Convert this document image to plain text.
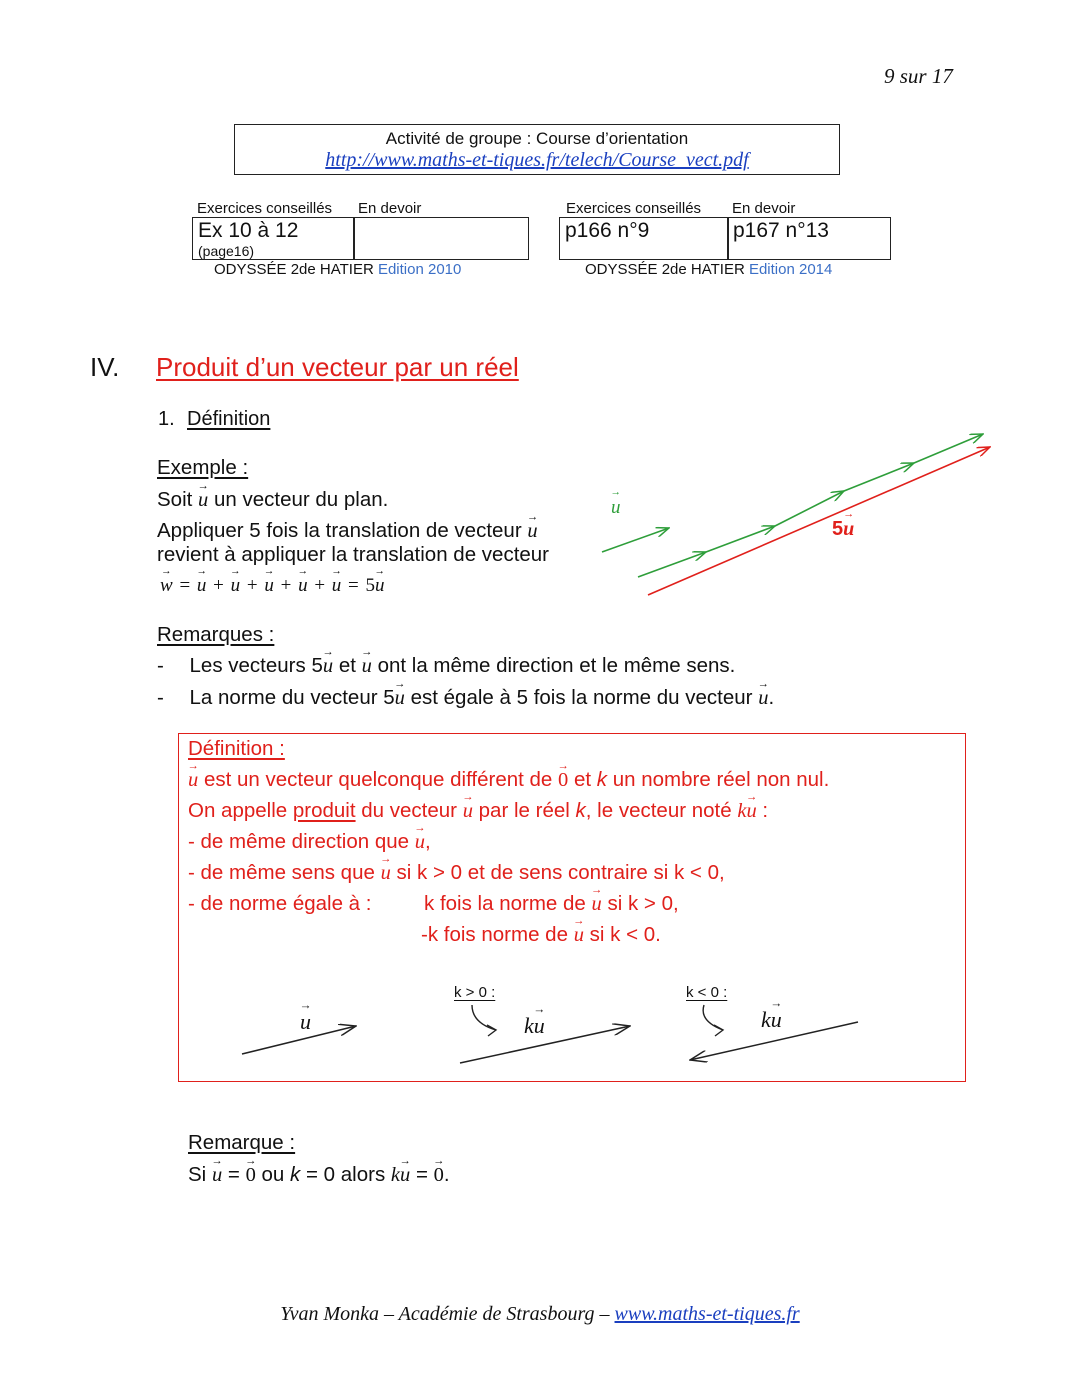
9 sur 17
Activité de groupe : Course d’orientation
http://www.maths-et-tiques.fr/telech/Course_vect.pdf
Exercices conseillés En devoir
Ex 10 à 12
(page16)
ODYSSÉE 2de HATIER Edition 2010
Exercices conseillés En devoir
p166 n°9	p167 n°13
ODYSSÉE 2de HATIER Edition 2014
IV. Produit d’un vecteur par un réel
1. Définition
Exemple :
Soit → u un vecteur du plan.
Appliquer 5 fois la translation de vecteur → u
revient à appliquer la translation de vecteur
→ w = → u + → u + → u + → u + → u = 5→ u
→ u
5→ u
Remarques :
- Les vecteurs 5→ u et → u ont la même direction et le même sens.
- La norme du vecteur 5→ u est égale à 5 fois la norme du vecteur → u.
Définition :
→ u est un vecteur quelconque différent de → 0 et k un nombre réel non nul.
On appelle produit du vecteur → u par le réel k, le vecteur noté k→ u :
- de même direction que → u,
- de même sens que → u si k > 0 et de sens contraire si k < 0,
- de norme égale à :	k fois la norme de → u si k > 0,
-k fois norme de → u si k < 0.
→ u
k > 0 :	k < 0 :
k→ u	k→ u
Remarque :
Si → u = → 0 ou k = 0 alors k→ u = → 0.
Yvan Monka – Académie de Strasbourg – www.maths-et-tiques.fr
